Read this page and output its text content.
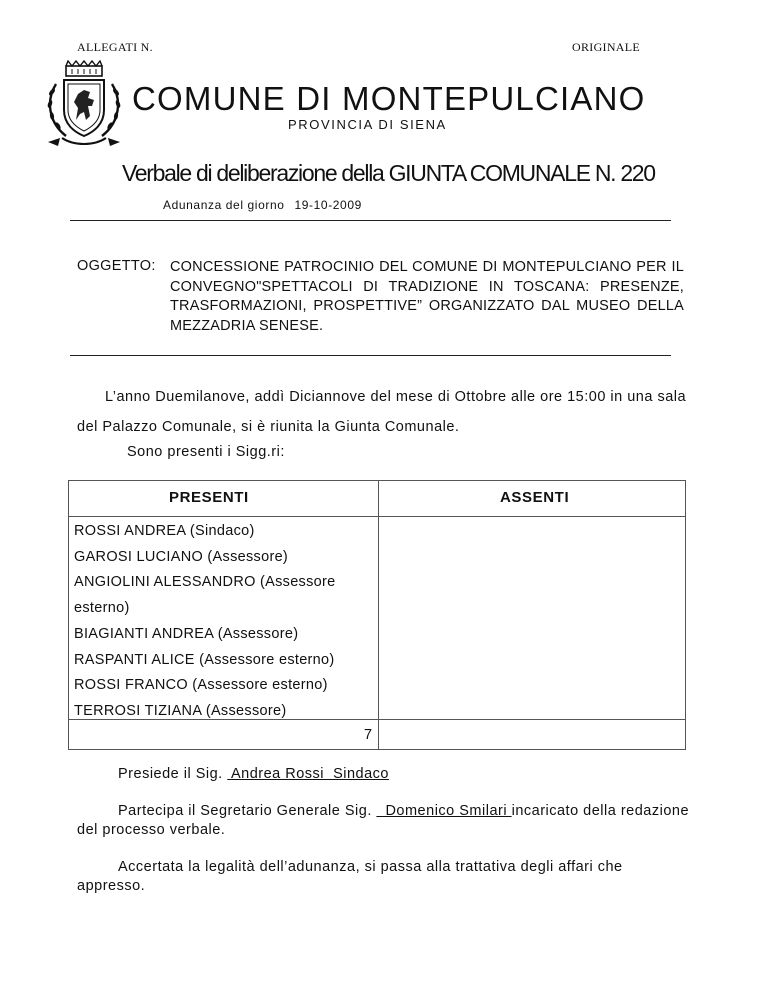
ALLEGATI N.	ORIGINALE
COMUNE DI MONTEPULCIANO
PROVINCIA DI SIENA
Verbale di deliberazione della GIUNTA COMUNALE N. 220
Adunanza del giorno 19-10-2009
OGGETTO: CONCESSIONE PATROCINIO DEL COMUNE DI MONTEPULCIANO PER IL CONVEGNO"SPETTACOLI DI TRADIZIONE IN TOSCANA: PRESENZE, TRASFORMAZIONI, PROSPETTIVE” ORGANIZZATO DAL MUSEO DELLA MEZZADRIA SENESE.
L’anno Duemilanove, addì Diciannove del mese di Ottobre alle ore 15:00 in una sala del Palazzo Comunale, si è riunita la Giunta Comunale.
Sono presenti i Sigg.ri:
PRESENTI	ASSENTI
ROSSI ANDREA (Sindaco)
GAROSI LUCIANO (Assessore)
ANGIOLINI ALESSANDRO (Assessore esterno)
BIAGIANTI ANDREA (Assessore)
RASPANTI ALICE (Assessore esterno)
ROSSI FRANCO (Assessore esterno)
TERROSI TIZIANA (Assessore)
7
Presiede il Sig.  Andrea Rossi  Sindaco
Partecipa il Segretario Generale Sig.   Domenico Smilari incaricato della redazione del processo verbale.
Accertata la legalità dell’adunanza, si passa alla trattativa degli affari che appresso.
